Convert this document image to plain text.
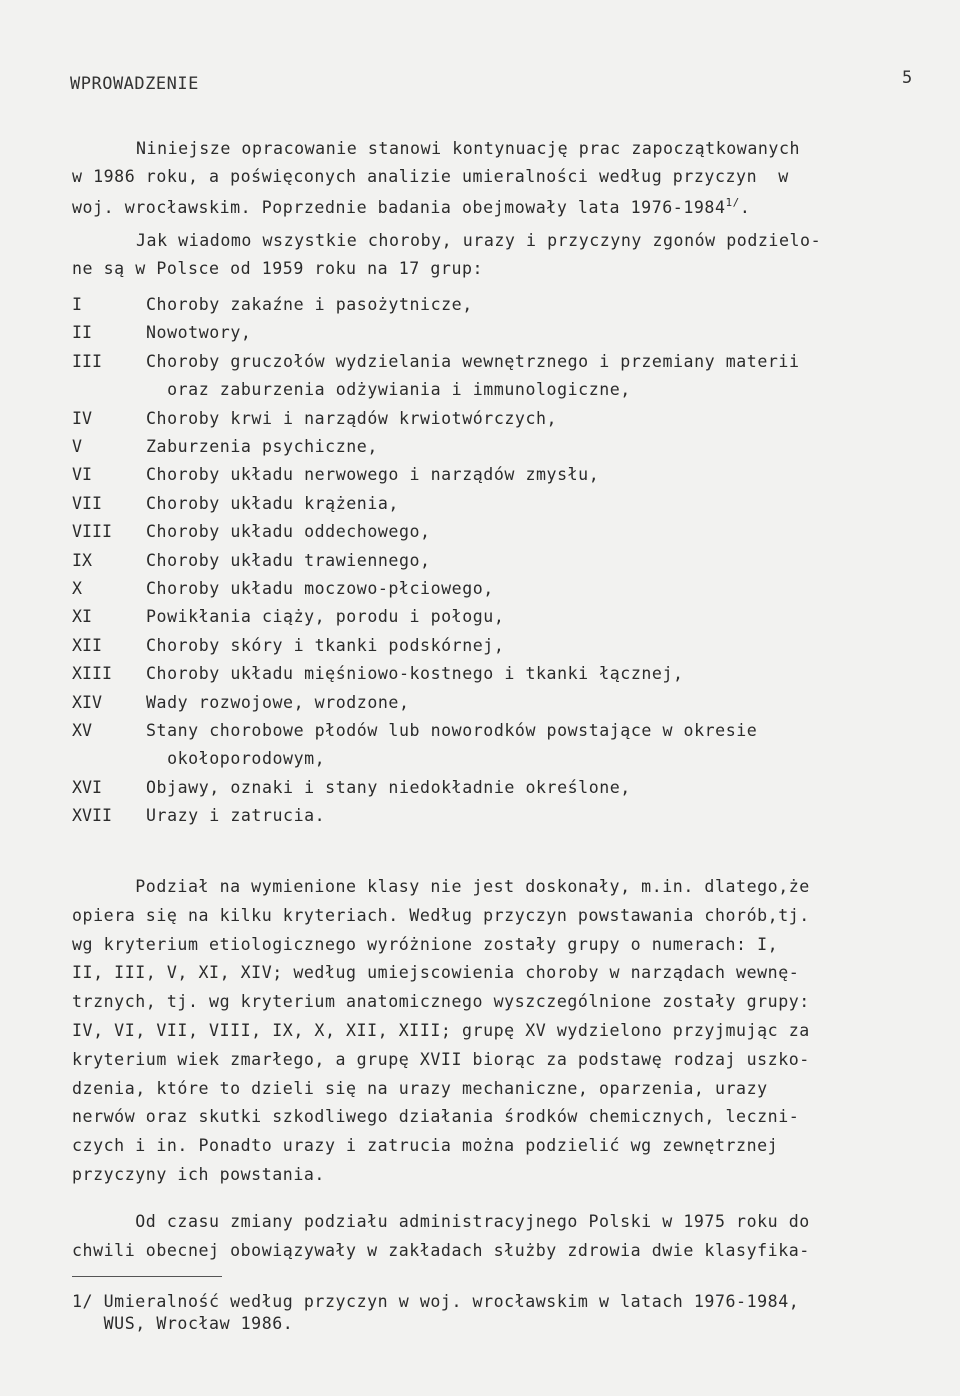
WPROWADZENIE	5
Niniejsze opracowanie stanowi kontynuację prac zapoczątkowanych
w 1986 roku, a poświęconych analizie umieralności według przyczyn  w
woj. wrocławskim. Poprzednie badania obejmowały lata $1976-1984^{1/}$.
Jak wiadomo wszystkie choroby, urazy i przyczyny zgonów podzielo-
ne są w Polsce od 1959 roku na 17 grup:
I	Choroby zakaźne i pasożytnicze,
II	Nowotwory,
III	Choroby gruczołów wydzielania wewnętrznego i przemiany materii
oraz zaburzenia odżywiania i immunologiczne,
IV	Choroby krwi i narządów krwiotwórczych,
V	Zaburzenia psychiczne,
VI	Choroby układu nerwowego i narządów zmysłu,
VII	Choroby układu krążenia,
VIII Choroby układu oddechowego,
IX	Choroby układu trawiennego,
X	Choroby układu moczowo-płciowego,
XI	Powikłania ciąży, porodu i połogu,
XII	Choroby skóry i tkanki podskórnej,
XIII Choroby układu mięśniowo-kostnego i tkanki łącznej,
XIV	Wady rozwojowe, wrodzone,
XV	Stany chorobowe płodów lub noworodków powstające w okresie
okołoporodowym,
XVI	Objawy, oznaki i stany niedokładnie określone,
XVII Urazy i zatrucia.
Podział na wymienione klasy nie jest doskonały, m.in. dlatego,że
opiera się na kilku kryteriach. Według przyczyn powstawania chorób,tj.
wg kryterium etiologicznego wyróżnione zostały grupy o numerach: I,
II, III, V, XI, XIV; według umiejscowienia choroby w narządach wewnę-
trznych, tj. wg kryterium anatomicznego wyszczególnione zostały grupy:
IV, VI, VII, VIII, IX, X, XII, XIII; grupę XV wydzielono przyjmując za
kryterium wiek zmarłego, a grupę XVII biorąc za podstawę rodzaj uszko-
dzenia, które to dzieli się na urazy mechaniczne, oparzenia, urazy
nerwów oraz skutki szkodliwego działania środków chemicznych, leczni-
czych i in. Ponadto urazy i zatrucia można podzielić wg zewnętrznej
przyczyny ich powstania.
Od czasu zmiany podziału administracyjnego Polski w 1975 roku do
chwili obecnej obowiązywały w zakładach służby zdrowia dwie klasyfika-
1/ Umieralność według przyczyn w woj. wrocławskim w latach 1976-1984,
WUS, Wrocław 1986.
